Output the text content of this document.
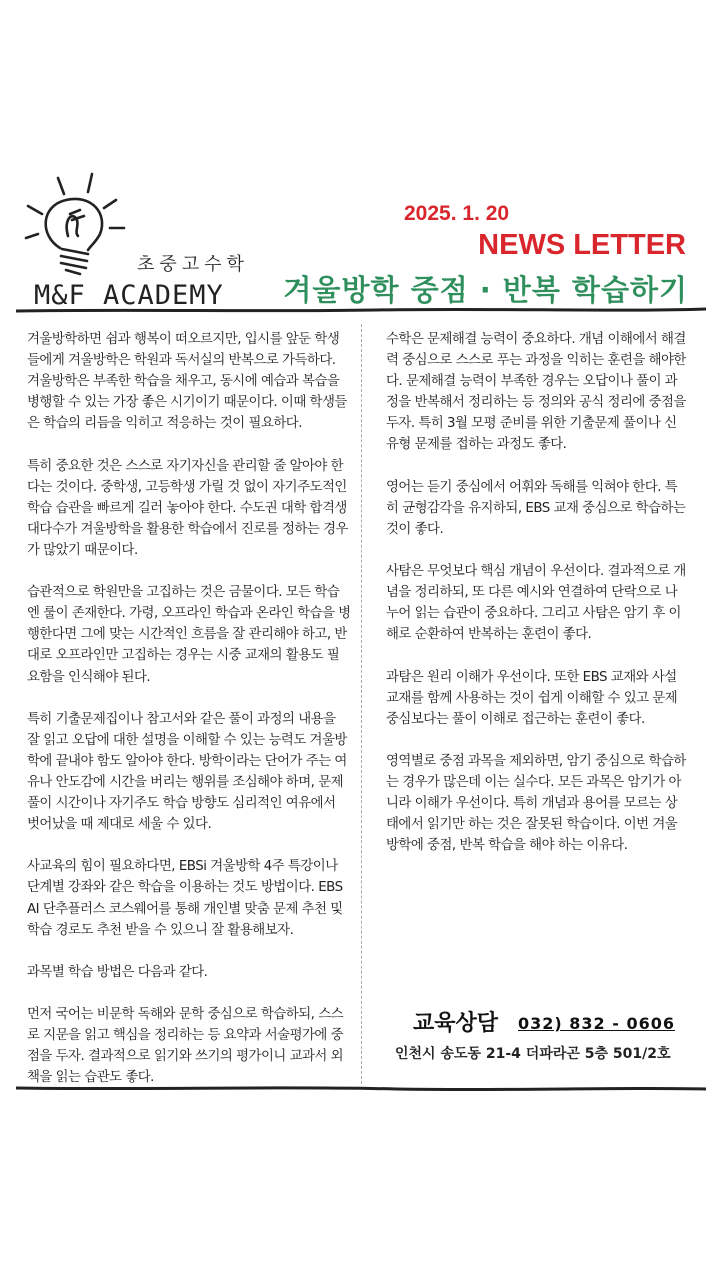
초중고수학
M&F ACADEMY
2025. 1. 20
NEWS LETTER
겨울방학 중점 · 반복 학습하기

겨울방학하면 쉼과 행복이 떠오르지만, 입시를 앞둔 학생들에게 겨울방학은 학원과 독서실의 반복으로 가득하다. 겨울방학은 부족한 학습을 채우고, 동시에 예습과 복습을 병행할 수 있는 가장 좋은 시기이기 때문이다. 이때 학생들은 학습의 리듬을 익히고 적응하는 것이 필요하다.

특히 중요한 것은 스스로 자기자신을 관리할 줄 알아야 한다는 것이다. 중학생, 고등학생 가릴 것 없이 자기주도적인 학습 습관을 빠르게 길러 놓아야 한다. 수도권 대학 합격생 대다수가 겨울방학을 활용한 학습에서 진로를 정하는 경우가 많았기 때문이다.

습관적으로 학원만을 고집하는 것은 금물이다. 모든 학습엔 룰이 존재한다. 가령, 오프라인 학습과 온라인 학습을 병행한다면 그에 맞는 시간적인 흐름을 잘 관리해야 하고, 반대로 오프라인만 고집하는 경우는 시중 교재의 활용도 필요함을 인식해야 된다.

특히 기출문제집이나 참고서와 같은 풀이 과정의 내용을 잘 읽고 오답에 대한 설명을 이해할 수 있는 능력도 겨울방학에 끝내야 함도 알아야 한다. 방학이라는 단어가 주는 여유나 안도감에 시간을 버리는 행위를 조심해야 하며, 문제 풀이 시간이나 자기주도 학습 방향도 심리적인 여유에서 벗어났을 때 제대로 세울 수 있다.

사교육의 힘이 필요하다면, EBSi 겨울방학 4주 특강이나 단계별 강좌와 같은 학습을 이용하는 것도 방법이다. EBS AI 단추플러스 코스웨어를 통해 개인별 맞춤 문제 추천 및 학습 경로도 추천 받을 수 있으니 잘 활용해보자.

과목별 학습 방법은 다음과 같다.

먼저 국어는 비문학 독해와 문학 중심으로 학습하되, 스스로 지문을 읽고 핵심을 정리하는 등 요약과 서술평가에 중점을 두자. 결과적으로 읽기와 쓰기의 평가이니 교과서 외 책을 읽는 습관도 좋다.

수학은 문제해결 능력이 중요하다. 개념 이해에서 해결력 중심으로 스스로 푸는 과정을 익히는 훈련을 해야한다. 문제해결 능력이 부족한 경우는 오답이나 풀이 과정을 반복해서 정리하는 등 정의와 공식 정리에 중점을 두자. 특히 3월 모평 준비를 위한 기출문제 풀이나 신유형 문제를 접하는 과정도 좋다.

영어는 듣기 중심에서 어휘와 독해를 익혀야 한다. 특히 균형감각을 유지하되, EBS 교재 중심으로 학습하는 것이 좋다.

사탐은 무엇보다 핵심 개념이 우선이다. 결과적으로 개념을 정리하되, 또 다른 예시와 연결하여 단락으로 나누어 읽는 습관이 중요하다. 그리고 사탐은 암기 후 이해로 순환하여 반복하는 훈련이 좋다.

과탐은 원리 이해가 우선이다. 또한 EBS 교재와 사설 교재를 함께 사용하는 것이 쉽게 이해할 수 있고 문제 중심보다는 풀이 이해로 접근하는 훈련이 좋다.

영역별로 중점 과목을 제외하면, 암기 중심으로 학습하는 경우가 많은데 이는 실수다. 모든 과목은 암기가 아니라 이해가 우선이다. 특히 개념과 용어를 모르는 상태에서 읽기만 하는 것은 잘못된 학습이다. 이번 겨울방학에 중점, 반복 학습을 해야 하는 이유다.

교육상담 032) 832 - 0606
인천시 송도동 21-4 더파라곤 5층 501/2호
